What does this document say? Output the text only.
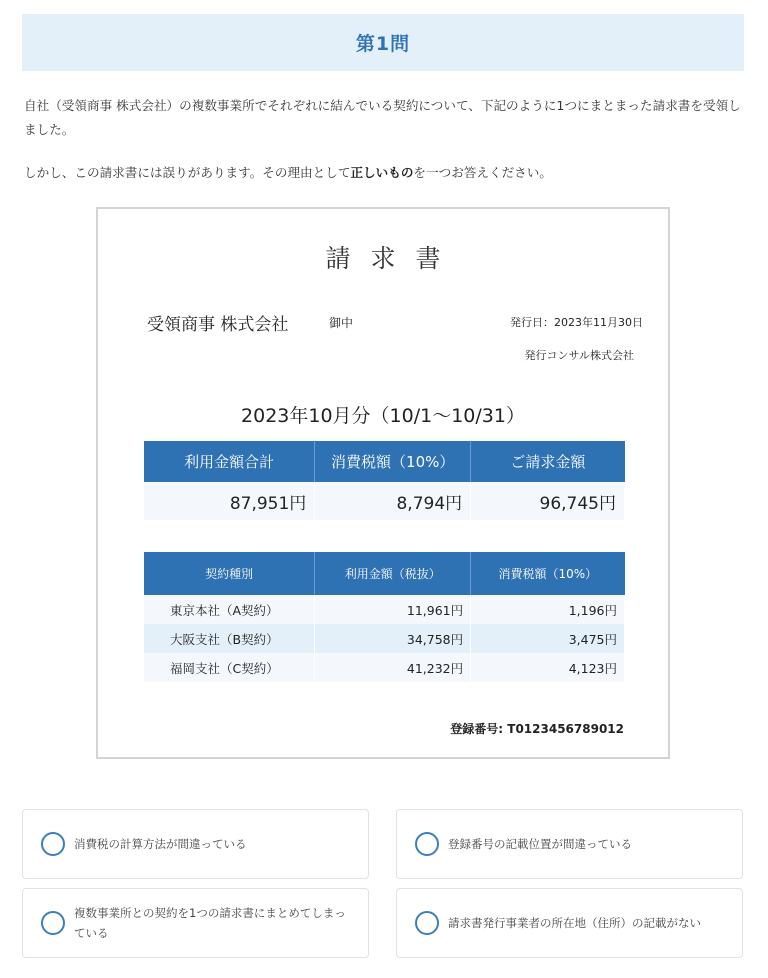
第1問

自社（受領商事 株式会社）の複数事業所でそれぞれに結んでいる契約について、下記のように1つにまとまった請求書を受領しました。

しかし、この請求書には誤りがあります。その理由として正しいものを一つお答えください。

請求書
受領商事 株式会社	御中	発行日：2023年11月30日
発行コンサル株式会社
2023年10月分（10/1〜10/31）
利用金額合計	消費税額（10%）	ご請求金額
87,951円	8,794円	96,745円
契約種別	利用金額（税抜）	消費税額（10%）
東京本社（A契約）	11,961円	1,196円
大阪支社（B契約）	34,758円	3,475円
福岡支社（C契約）	41,232円	4,123円
登録番号: T0123456789012
消費税の計算方法が間違っている	登録番号の記載位置が間違っている
複数事業所との契約を1つの請求書にまとめてしまっている
請求書発行事業者の所在地（住所）の記載がない
